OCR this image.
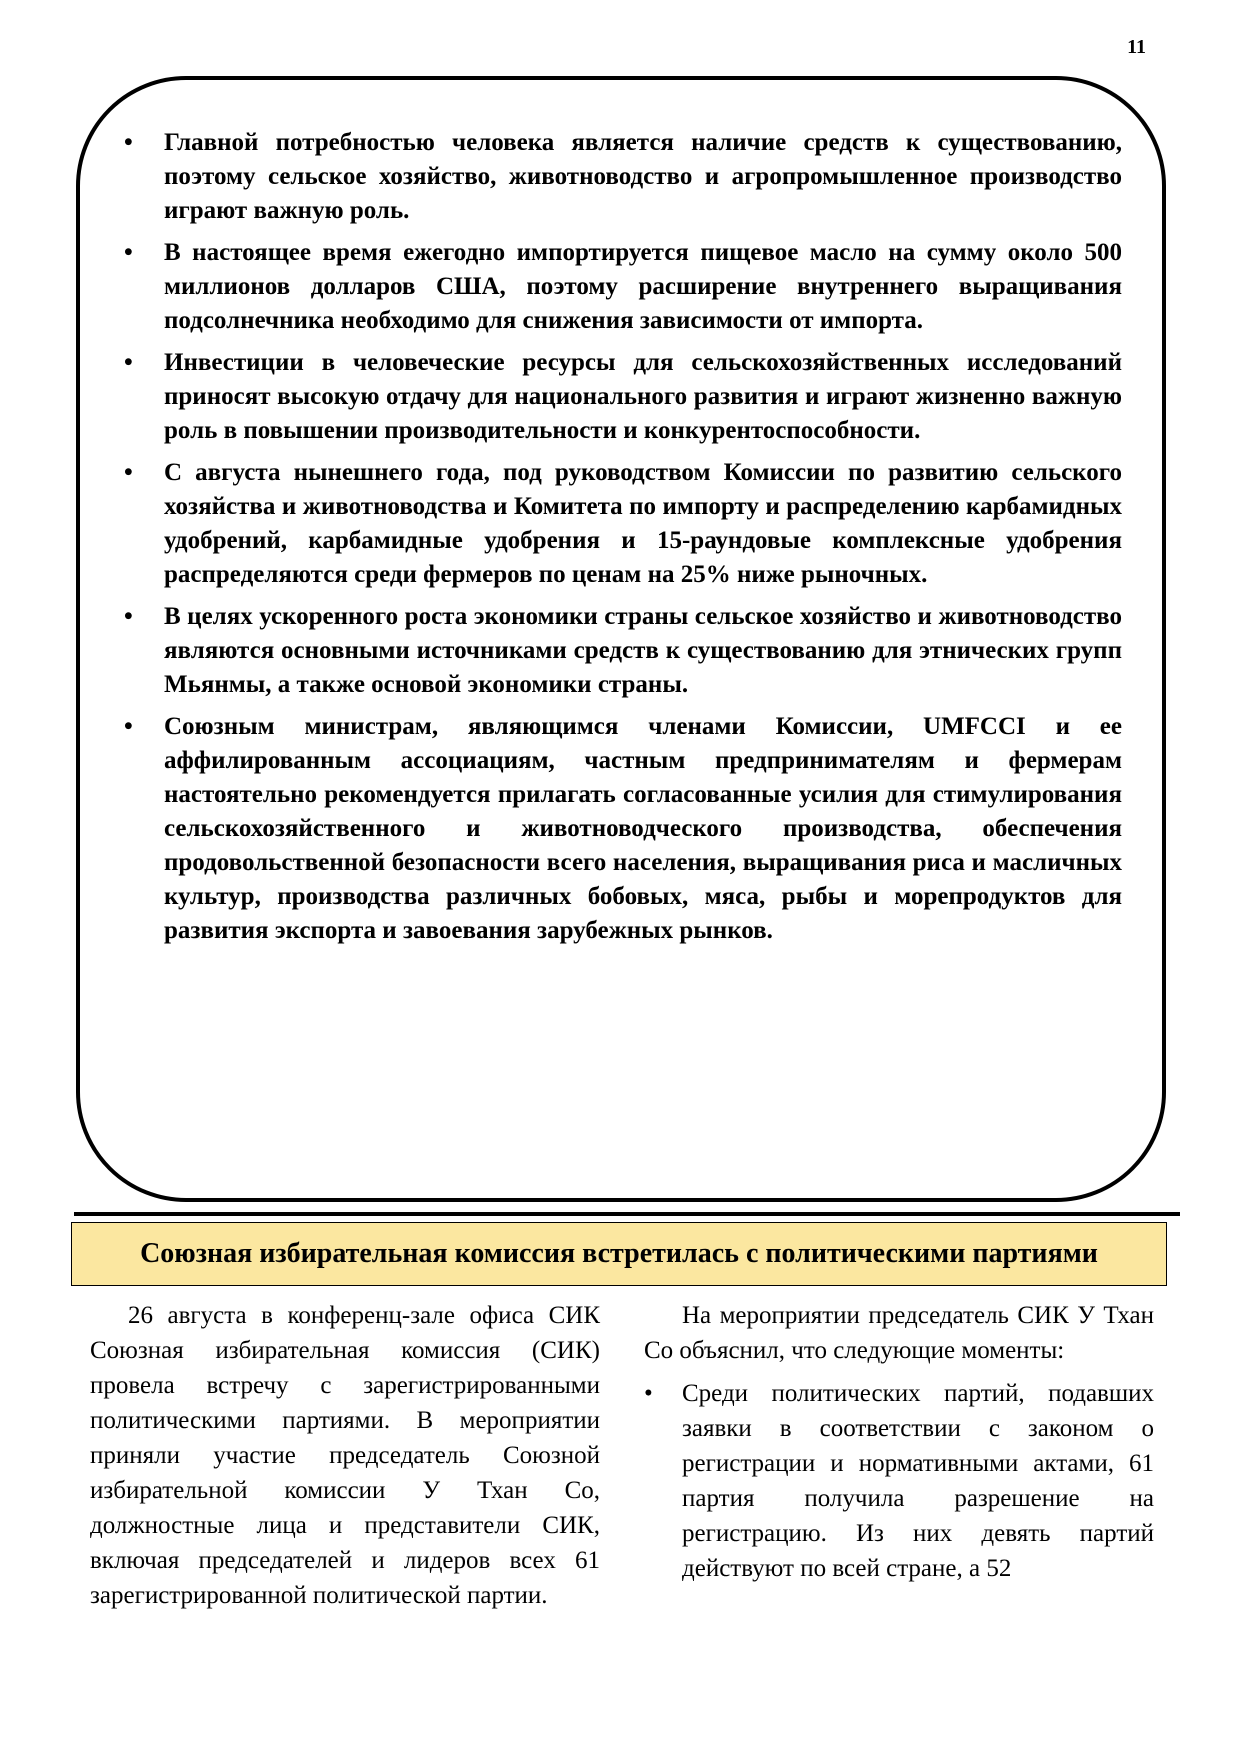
11
• Главной потребностью человека является наличие средств к существованию, поэтому сельское хозяйство, животноводство и агропромышленное производство играют важную роль.
• В настоящее время ежегодно импортируется пищевое масло на сумму около 500 миллионов долларов США, поэтому расширение внутреннего выращивания подсолнечника необходимо для снижения зависимости от импорта.
• Инвестиции в человеческие ресурсы для сельскохозяйственных исследований приносят высокую отдачу для национального развития и играют жизненно важную роль в повышении производительности и конкурентоспособности.
• С августа нынешнего года, под руководством Комиссии по развитию сельского хозяйства и животноводства и Комитета по импорту и распределению карбамидных удобрений, карбамидные удобрения и 15-раундовые комплексные удобрения распределяются среди фермеров по ценам на 25% ниже рыночных.
• В целях ускоренного роста экономики страны сельское хозяйство и животноводство являются основными источниками средств к существованию для этнических групп Мьянмы, а также основой экономики страны.
• Союзным министрам, являющимся членами Комиссии, UMFCCI и ее аффилированным ассоциациям, частным предпринимателям и фермерам настоятельно рекомендуется прилагать согласованные усилия для стимулирования сельскохозяйственного и животноводческого производства, обеспечения продовольственной безопасности всего населения, выращивания риса и масличных культур, производства различных бобовых, мяса, рыбы и морепродуктов для развития экспорта и завоевания зарубежных рынков.
Союзная избирательная комиссия встретилась с политическими партиями

26 августа в конференц-зале офиса СИК Союзная избирательная комиссия (СИК) провела встречу с зарегистрированными политическими партиями. В мероприятии приняли участие председатель Союзной избирательной комиссии У Тхан Со, должностные лица и представители СИК, включая председателей и лидеров всех 61 зарегистрированной политической партии.

На мероприятии председатель СИК У Тхан Со объяснил, что следующие моменты:

• Среди политических партий, подавших заявки в соответствии с законом о регистрации и нормативными актами, 61 партия получила разрешение на регистрацию. Из них девять партий действуют по всей стране, а 52
